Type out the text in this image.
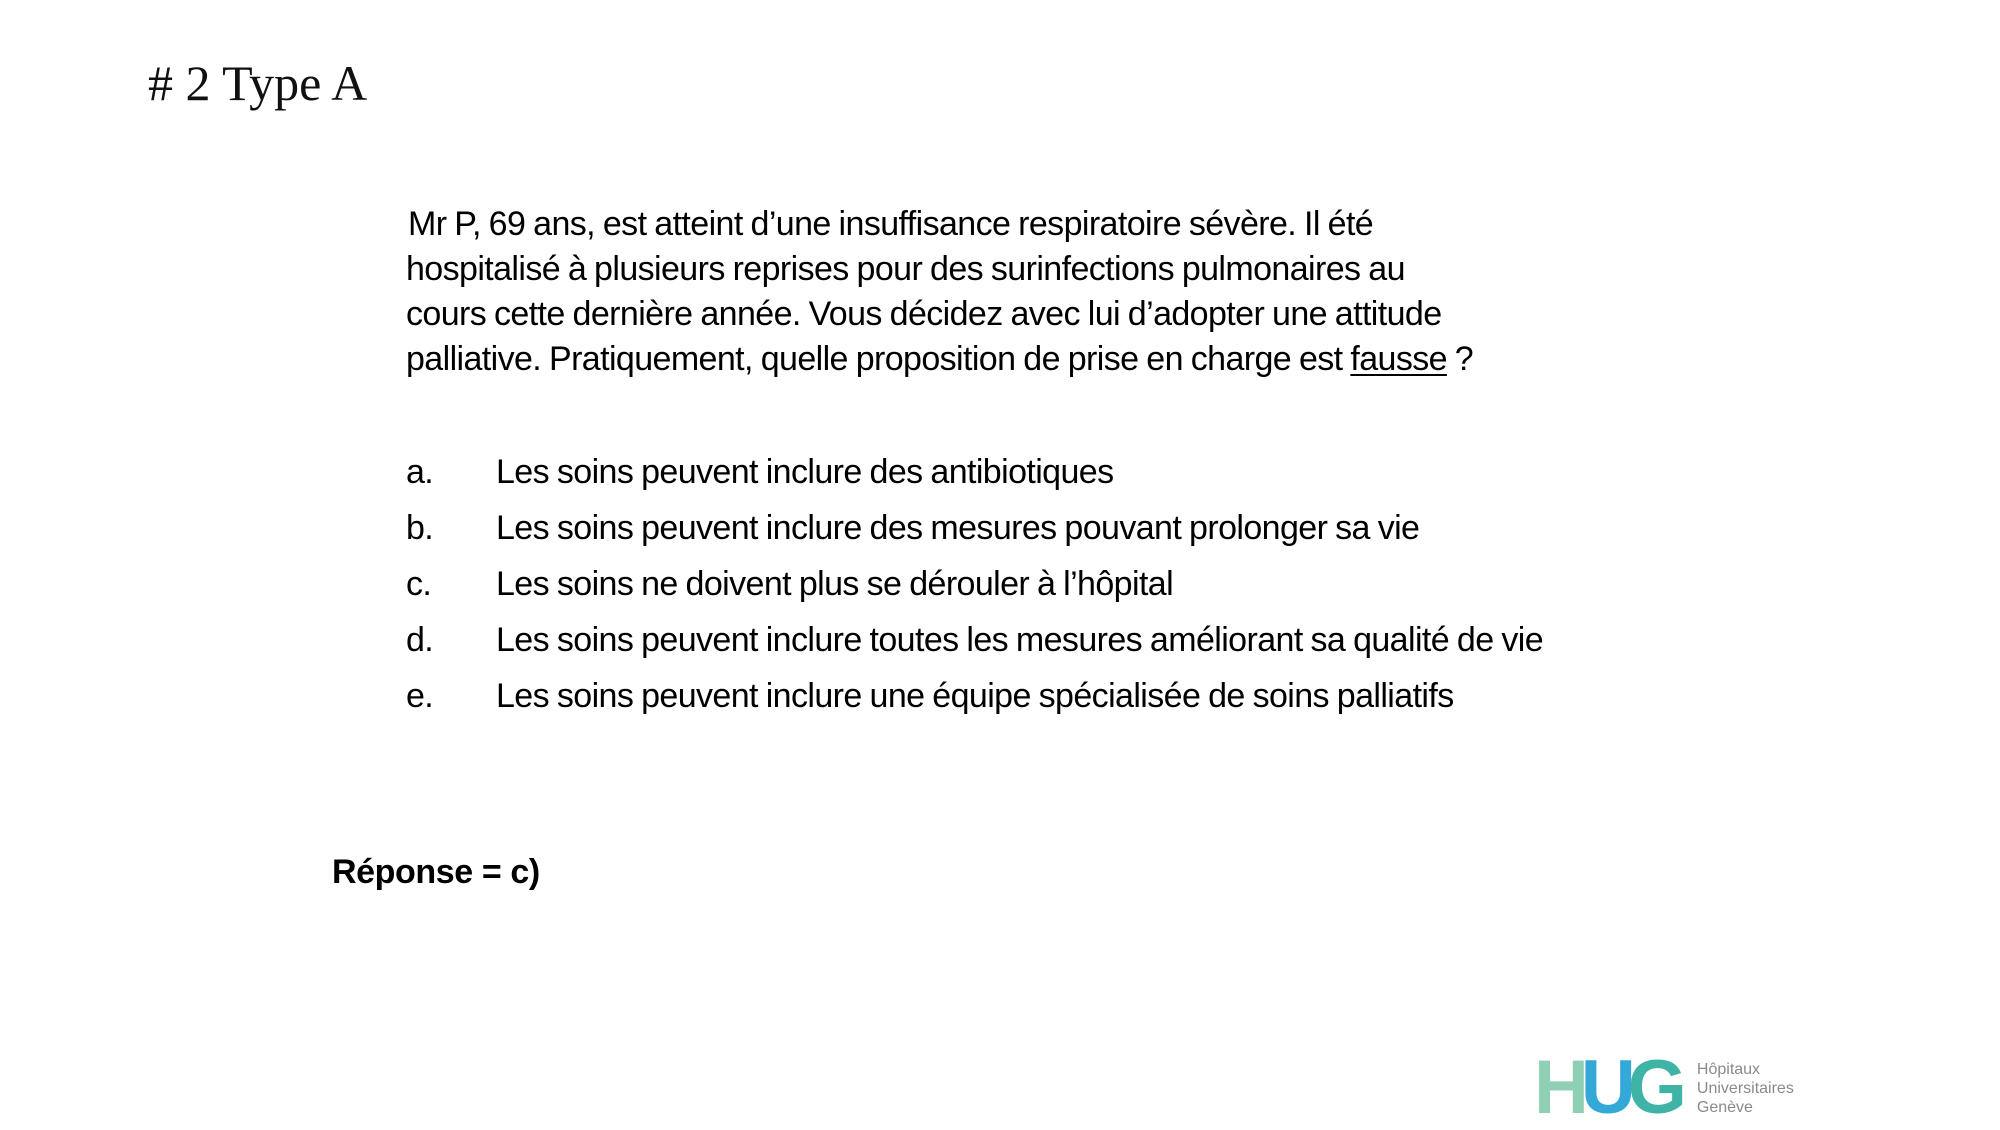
# 2 Type A
Mr P, 69 ans, est atteint d’une insuffisance respiratoire sévère. Il été
hospitalisé à plusieurs reprises pour des surinfections pulmonaires au
cours cette dernière année. Vous décidez avec lui d’adopter une attitude
palliative. Pratiquement, quelle proposition de prise en charge est fausse ?
a.	Les soins peuvent inclure des antibiotiques
b.	Les soins peuvent inclure des mesures pouvant prolonger sa vie
c.	Les soins ne doivent plus se dérouler à l’hôpital
d.	Les soins peuvent inclure toutes les mesures améliorant sa qualité de vie
e.	Les soins peuvent inclure une équipe spécialisée de soins palliatifs
Réponse = c)
H U G Hôpitaux
Universitaires
Genève
